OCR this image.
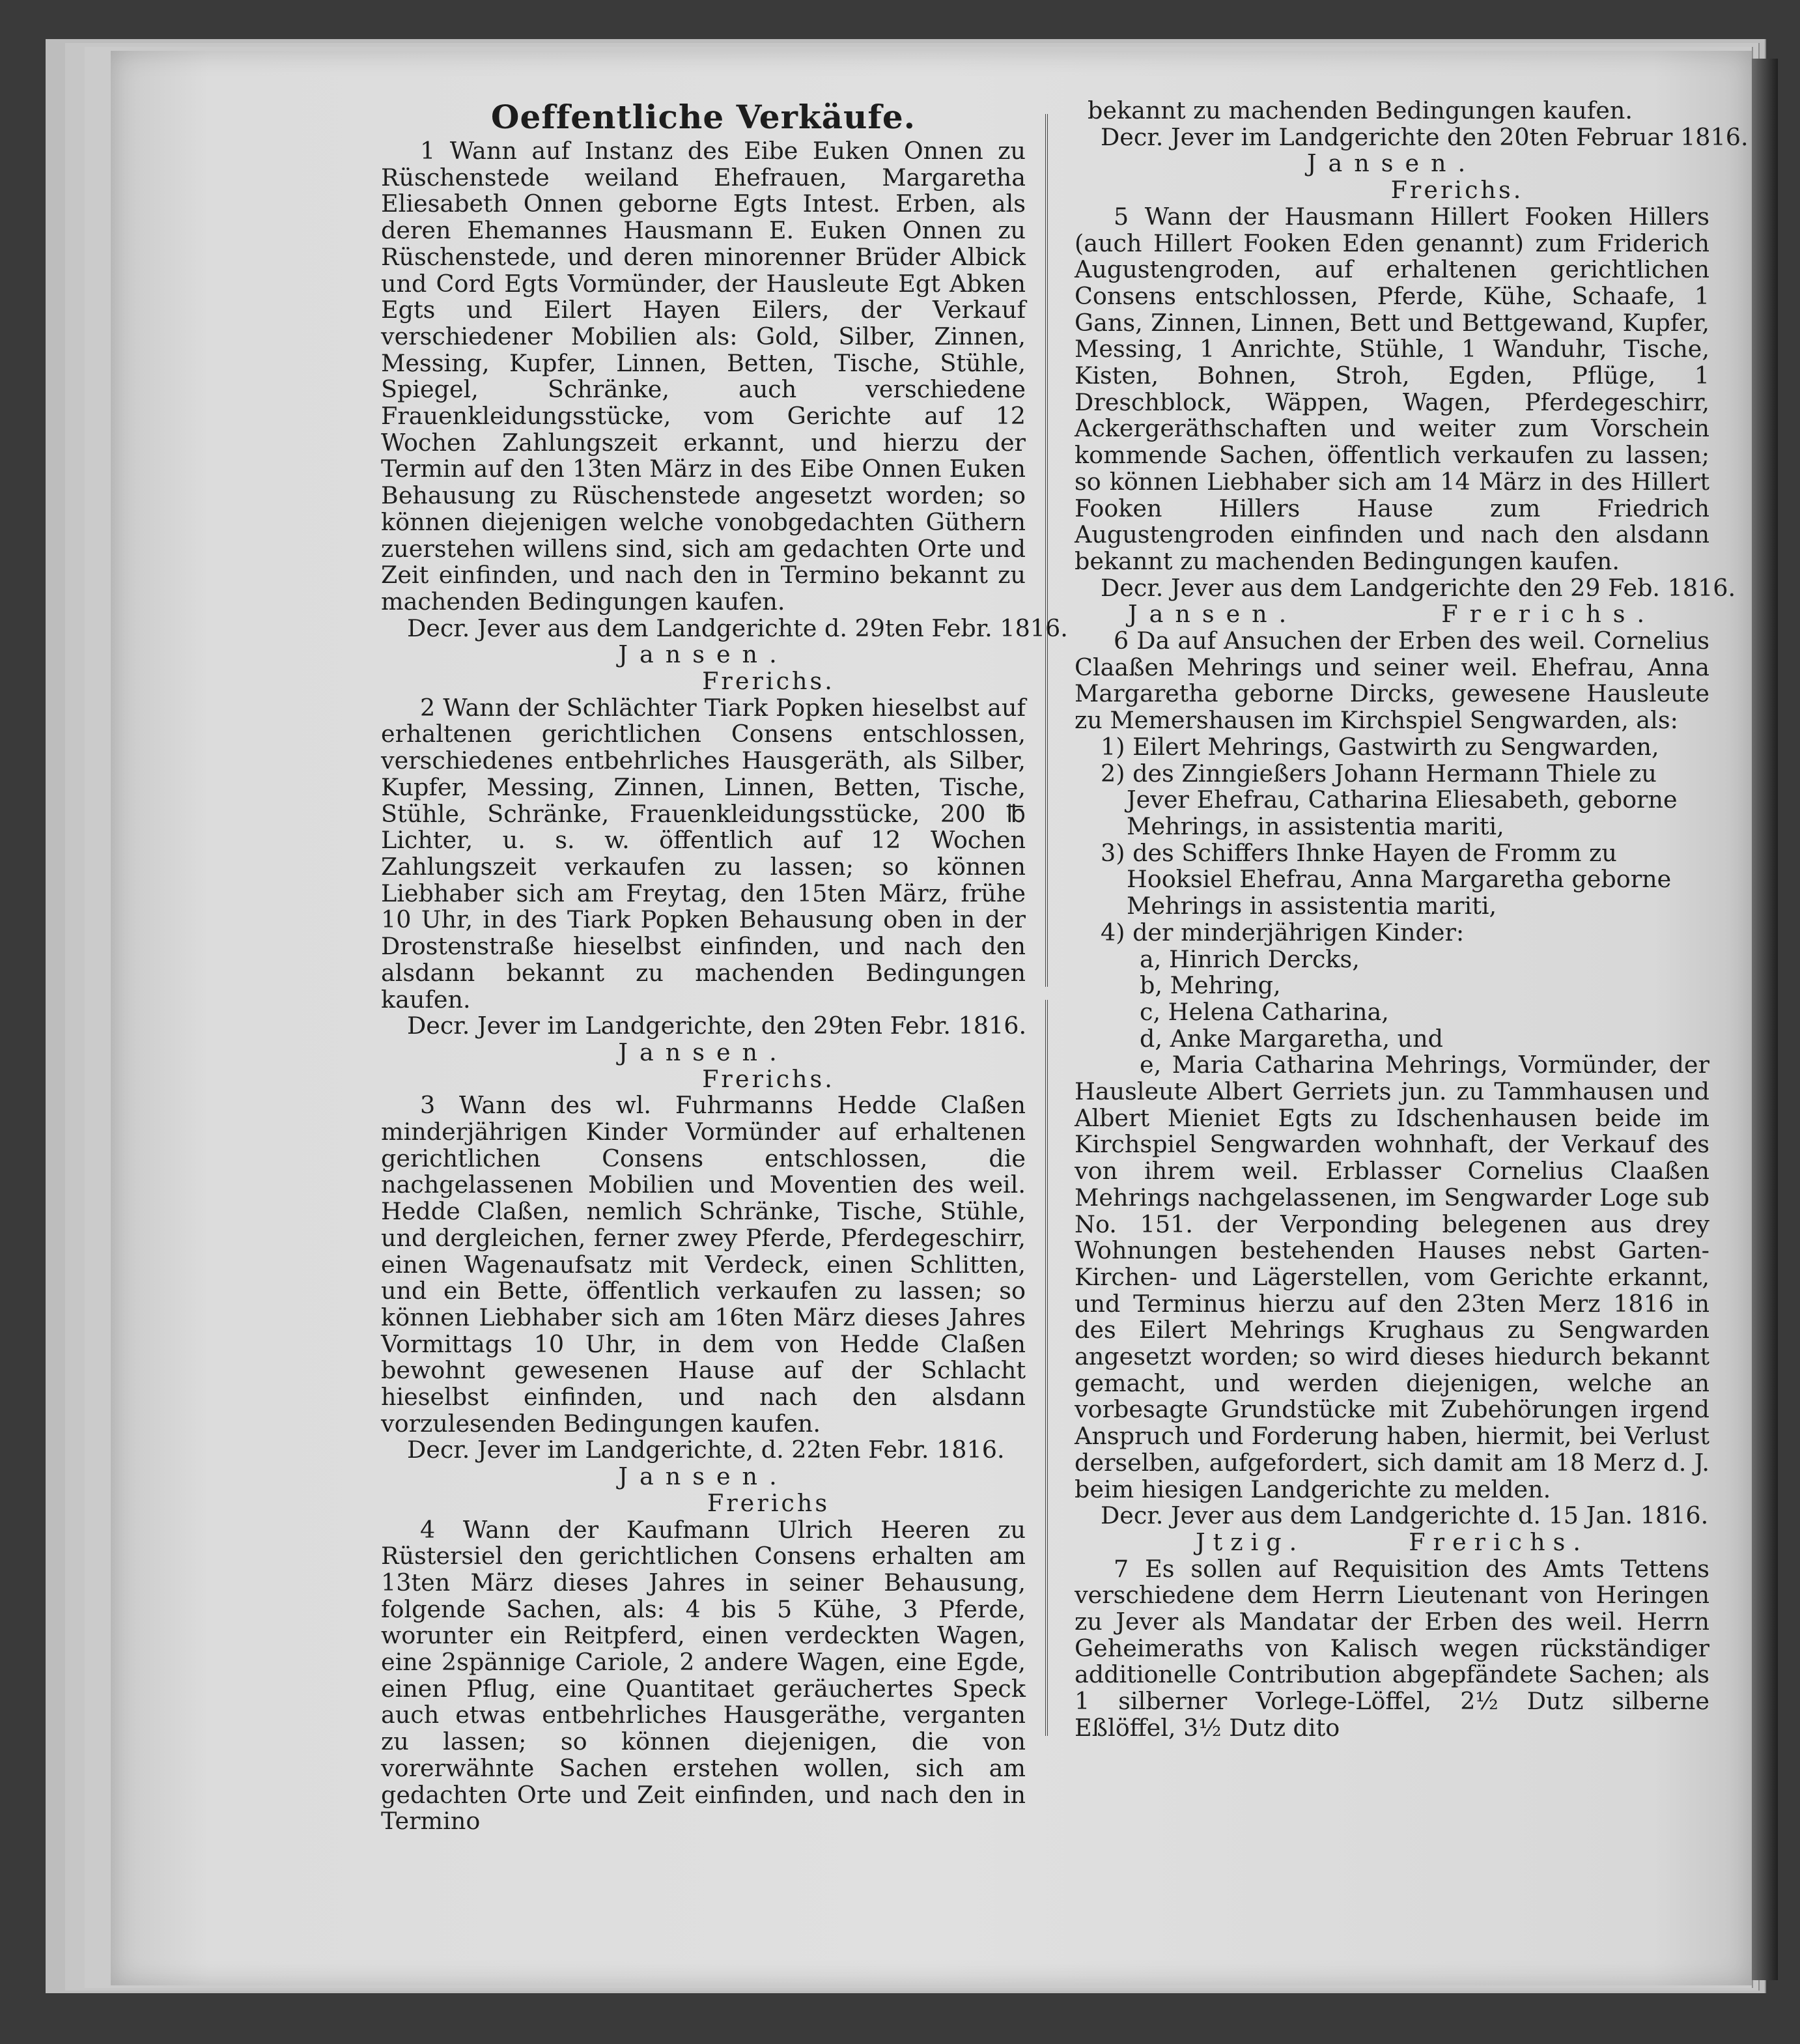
Oeffentliche Verkäufe.

1 Wann auf Instanz des Eibe Euken Onnen zu Rüschenstede weiland Ehefrauen, Margaretha Eliesabeth Onnen geborne Egts Intest. Erben, als deren Ehemannes Hausmann E. Euken Onnen zu Rüschenstede, und deren minorenner Brüder Albick und Cord Egts Vormünder, der Hausleute Egt Abken Egts und Eilert Hayen Eilers, der Verkauf verschiedener Mobilien als: Gold, Silber, Zinnen, Messing, Kupfer, Linnen, Betten, Tische, Stühle, Spiegel, Schränke, auch verschiedene Frauenkleidungsstücke, vom Gerichte auf 12 Wochen Zahlungszeit erkannt, und hierzu der Termin auf den 13ten März in des Eibe Onnen Euken Behausung zu Rüschenstede angesetzt worden; so können diejenigen welche vonobgedachten Güthern zuerstehen willens sind, sich am gedachten Orte und Zeit einfinden, und nach den in Termino bekannt zu machenden Bedingungen kaufen.

Decr. Jever aus dem Landgerichte d. 29ten Febr. 1816.

Jansen.

Frerichs.

2 Wann der Schlächter Tiark Popken hieselbst auf erhaltenen gerichtlichen Consens entschlossen, verschiedenes entbehrliches Hausgeräth, als Silber, Kupfer, Messing, Zinnen, Linnen, Betten, Tische, Stühle, Schränke, Frauenkleidungsstücke, 200 ℔ Lichter, u. s. w. öffentlich auf 12 Wochen Zahlungszeit verkaufen zu lassen; so können Liebhaber sich am Freytag, den 15ten März, frühe 10 Uhr, in des Tiark Popken Behausung oben in der Drostenstraße hieselbst einfinden, und nach den alsdann bekannt zu machenden Bedingungen kaufen.

Decr. Jever im Landgerichte, den 29ten Febr. 1816.

Jansen.

Frerichs.

3 Wann des wl. Fuhrmanns Hedde Claßen minderjährigen Kinder Vormünder auf erhaltenen gerichtlichen Consens entschlossen, die nachgelassenen Mobilien und Moventien des weil. Hedde Claßen, nemlich Schränke, Tische, Stühle, und dergleichen, ferner zwey Pferde, Pferdegeschirr, einen Wagenaufsatz mit Verdeck, einen Schlitten, und ein Bette, öffentlich verkaufen zu lassen; so können Liebhaber sich am 16ten März dieses Jahres Vormittags 10 Uhr, in dem von Hedde Claßen bewohnt gewesenen Hause auf der Schlacht hieselbst einfinden, und nach den alsdann vorzulesenden Bedingungen kaufen.

Decr. Jever im Landgerichte, d. 22ten Febr. 1816.

Jansen.

Frerichs

4 Wann der Kaufmann Ulrich Heeren zu Rüstersiel den gerichtlichen Consens erhalten am 13ten März dieses Jahres in seiner Behausung, folgende Sachen, als: 4 bis 5 Kühe, 3 Pferde, worunter ein Reitpferd, einen verdeckten Wagen, eine 2spännige Cariole, 2 andere Wagen, eine Egde, einen Pflug, eine Quantitaet geräuchertes Speck auch etwas entbehrliches Hausgeräthe, verganten zu lassen; so können diejenigen, die von vorerwähnte Sachen erstehen wollen, sich am gedachten Orte und Zeit einfinden, und nach den in Termino

bekannt zu machenden Bedingungen kaufen.

Decr. Jever im Landgerichte den 20ten Februar 1816.

Jansen.

Frerichs.

5 Wann der Hausmann Hillert Fooken Hillers (auch Hillert Fooken Eden genannt) zum Friderich Augustengroden, auf erhaltenen gerichtlichen Consens entschlossen, Pferde, Kühe, Schaafe, 1 Gans, Zinnen, Linnen, Bett und Bettgewand, Kupfer, Messing, 1 Anrichte, Stühle, 1 Wanduhr, Tische, Kisten, Bohnen, Stroh, Egden, Pflüge, 1 Dreschblock, Wäppen, Wagen, Pferdegeschirr, Ackergeräthschaften und weiter zum Vorschein kommende Sachen, öffentlich verkaufen zu lassen; so können Liebhaber sich am 14 März in des Hillert Fooken Hillers Hause zum Friedrich Augustengroden einfinden und nach den alsdann bekannt zu machenden Bedingungen kaufen.

Decr. Jever aus dem Landgerichte den 29 Feb. 1816.

Jansen.	Frerichs.

6 Da auf Ansuchen der Erben des weil. Cornelius Claaßen Mehrings und seiner weil. Ehefrau, Anna Margaretha geborne Dircks, gewesene Hausleute zu Memershausen im Kirchspiel Sengwarden, als:

1) Eilert Mehrings, Gastwirth zu Sengwarden,

2) des Zinngießers Johann Hermann Thiele zu Jever Ehefrau, Catharina Eliesabeth, geborne Mehrings, in assistentia mariti,

3) des Schiffers Ihnke Hayen de Fromm zu Hooksiel Ehefrau, Anna Margaretha geborne Mehrings in assistentia mariti,

4) der minderjährigen Kinder:

a, Hinrich Dercks,

b, Mehring,

c, Helena Catharina,

d, Anke Margaretha, und

e, Maria Catharina Mehrings, Vormünder, der Hausleute Albert Gerriets jun. zu Tammhausen und Albert Mieniet Egts zu Idschenhausen beide im Kirchspiel Sengwarden wohnhaft, der Verkauf des von ihrem weil. Erblasser Cornelius Claaßen Mehrings nachgelassenen, im Sengwarder Loge sub No. 151. der Verponding belegenen aus drey Wohnungen bestehenden Hauses nebst Garten- Kirchen- und Lägerstellen, vom Gerichte erkannt, und Terminus hierzu auf den 23ten Merz 1816 in des Eilert Mehrings Krughaus zu Sengwarden angesetzt worden; so wird dieses hiedurch bekannt gemacht, und werden diejenigen, welche an vorbesagte Grundstücke mit Zubehörungen irgend Anspruch und Forderung haben, hiermit, bei Verlust derselben, aufgefordert, sich damit am 18 Merz d. J. beim hiesigen Landgerichte zu melden.

Decr. Jever aus dem Landgerichte d. 15 Jan. 1816.

Jtzig.	Frerichs.

7 Es sollen auf Requisition des Amts Tettens verschiedene dem Herrn Lieutenant von Heringen zu Jever als Mandatar der Erben des weil. Herrn Geheimeraths von Kalisch wegen rückständiger additionelle Contribution abgepfändete Sachen; als 1 silberner Vorlege-Löffel, 2½ Dutz silberne Eßlöffel, 3½ Dutz dito
